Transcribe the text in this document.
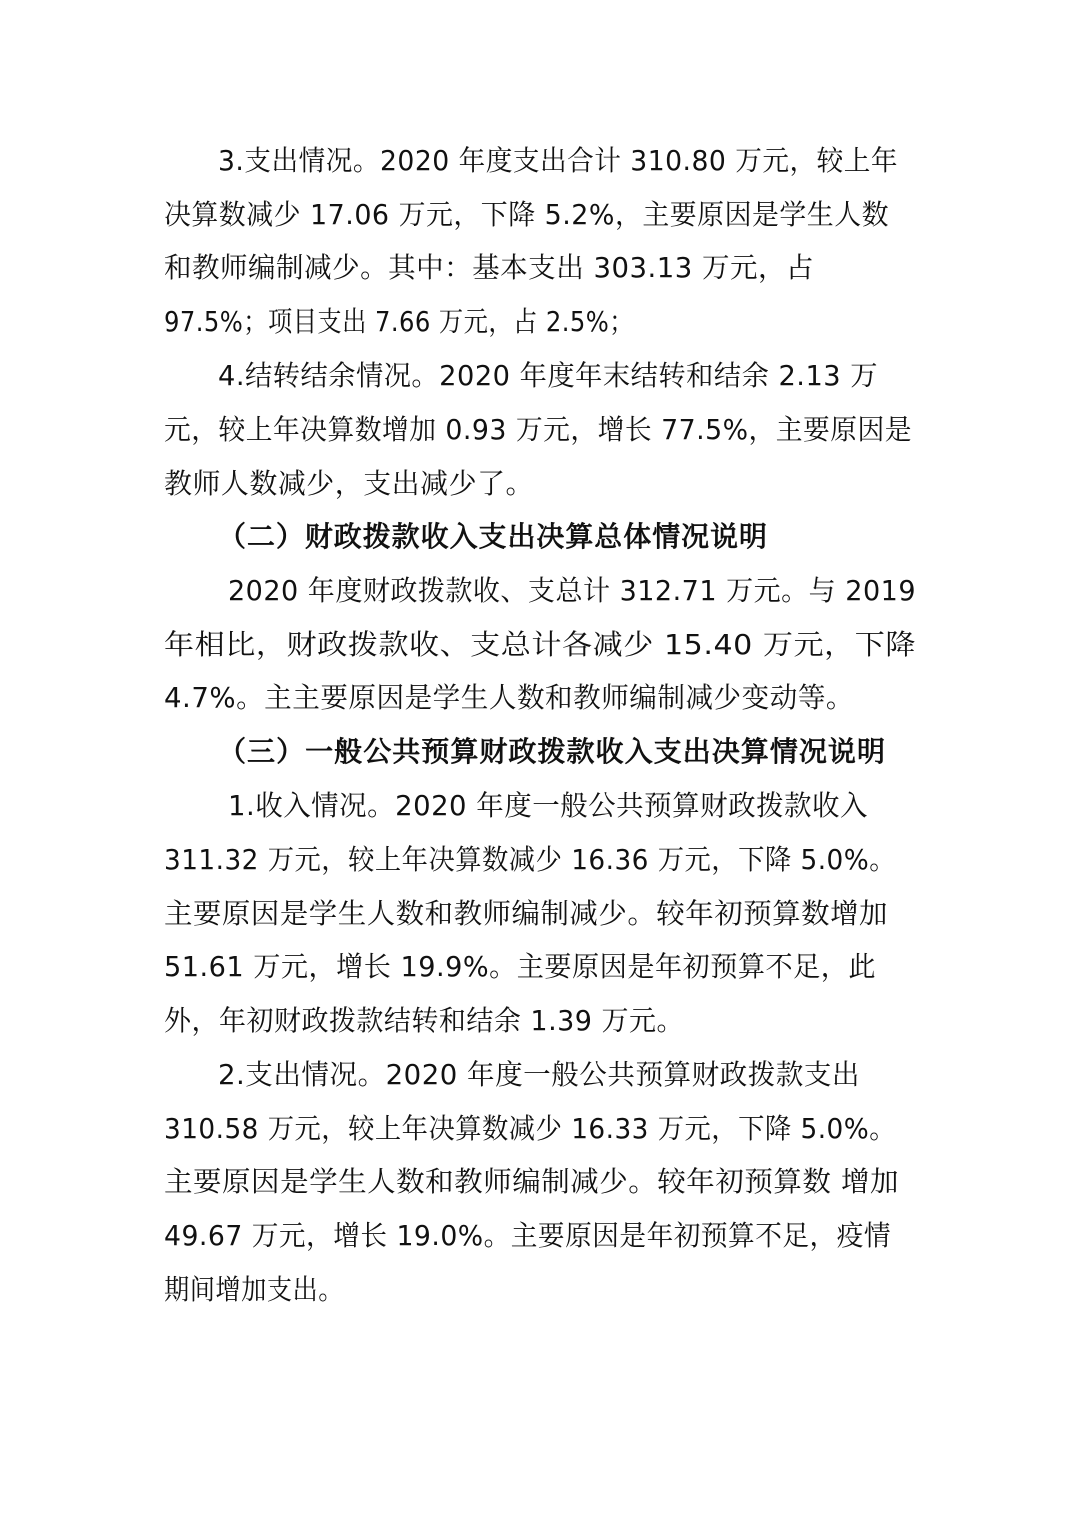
3.支出情况。2020 年度支出合计 310.80 万元，较上年
决算数减少 17.06 万元，下降 5.2%，主要原因是学生人数
和教师编制减少。其中：基本支出 303.13 万元，占
97.5%；项目支出 7.66 万元，占 2.5%；
4.结转结余情况。2020 年度年末结转和结余 2.13 万
元，较上年决算数增加 0.93 万元，增长 77.5%，主要原因是
教师人数减少，支出减少了。
（二）财政拨款收入支出决算总体情况说明
2020 年度财政拨款收、支总计 312.71 万元。与 2019
年相比，财政拨款收、支总计各减少 15.40 万元，下降
4.7%。主主要原因是学生人数和教师编制减少变动等。
（三）一般公共预算财政拨款收入支出决算情况说明
1.收入情况。2020 年度一般公共预算财政拨款收入
311.32 万元，较上年决算数减少 16.36 万元，下降 5.0%。
主要原因是学生人数和教师编制减少。较年初预算数增加
51.61 万元，增长 19.9%。主要原因是年初预算不足，此
外，年初财政拨款结转和结余 1.39 万元。
2.支出情况。2020 年度一般公共预算财政拨款支出
310.58 万元，较上年决算数减少 16.33 万元，下降 5.0%。
主要原因是学生人数和教师编制减少。较年初预算数 增加
49.67 万元，增长 19.0%。主要原因是年初预算不足，疫情
期间增加支出。
